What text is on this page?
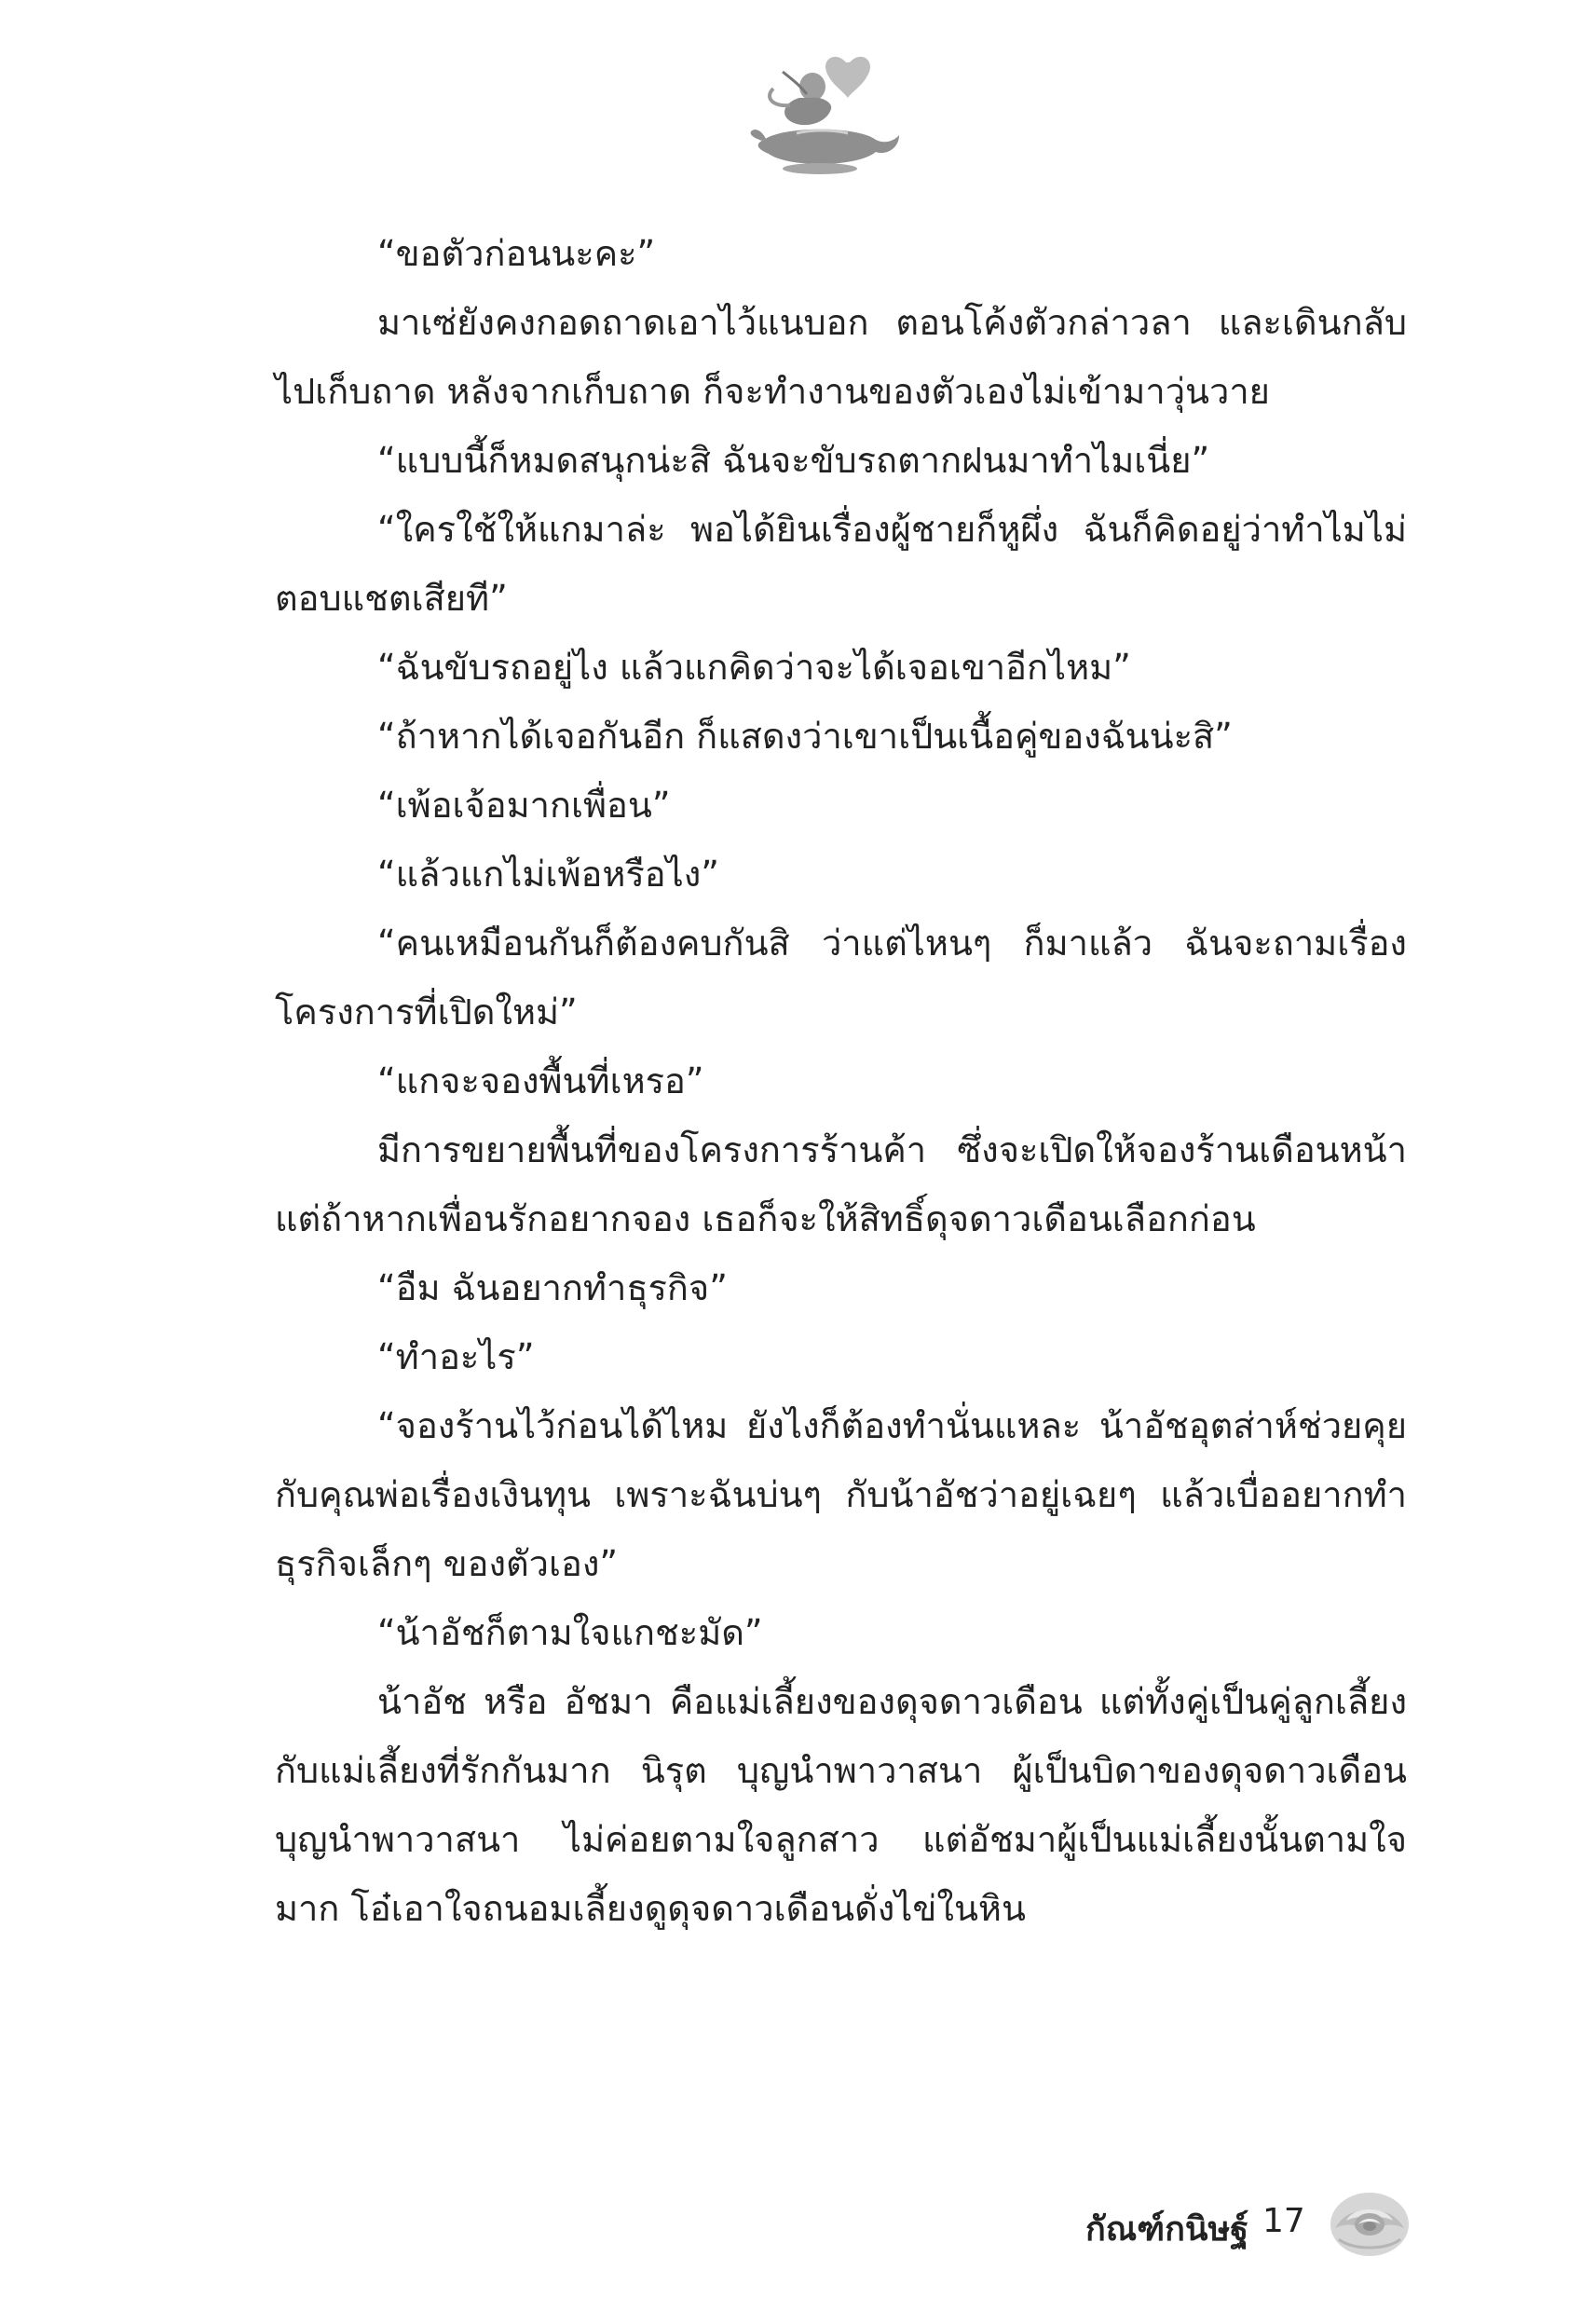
“ขอตัวก่อนนะคะ”

มาเซ่ยังคงกอดถาดเอาไว้แนบอก ตอนโค้งตัวกล่าวลา และเดินกลับไปเก็บถาด หลังจากเก็บถาด ก็จะทำงานของตัวเองไม่เข้ามาวุ่นวาย

“แบบนี้ก็หมดสนุกน่ะสิ ฉันจะขับรถตากฝนมาทำไมเนี่ย”

“ใครใช้ให้แกมาล่ะ พอได้ยินเรื่องผู้ชายก็หูผึ่ง ฉันก็คิดอยู่ว่าทำไมไม่ตอบแชตเสียที”

“ฉันขับรถอยู่ไง แล้วแกคิดว่าจะได้เจอเขาอีกไหม”

“ถ้าหากได้เจอกันอีก ก็แสดงว่าเขาเป็นเนื้อคู่ของฉันน่ะสิ”

“เพ้อเจ้อมากเพื่อน”

“แล้วแกไม่เพ้อหรือไง”

“คนเหมือนกันก็ต้องคบกันสิ ว่าแต่ไหนๆ ก็มาแล้ว ฉันจะถามเรื่องโครงการที่เปิดใหม่”

“แกจะจองพื้นที่เหรอ”

มีการขยายพื้นที่ของโครงการร้านค้า ซึ่งจะเปิดให้จองร้านเดือนหน้า แต่ถ้าหากเพื่อนรักอยากจอง เธอก็จะให้สิทธิ์ดุจดาวเดือนเลือกก่อน

“อืม ฉันอยากทำธุรกิจ”

“ทำอะไร”

“จองร้านไว้ก่อนได้ไหม ยังไงก็ต้องทำนั่นแหละ น้าอัชอุตส่าห์ช่วยคุยกับคุณพ่อเรื่องเงินทุน เพราะฉันบ่นๆ กับน้าอัชว่าอยู่เฉยๆ แล้วเบื่ออยากทำธุรกิจเล็กๆ ของตัวเอง”

“น้าอัชก็ตามใจแกชะมัด”

น้าอัช หรือ อัชมา คือแม่เลี้ยงของดุจดาวเดือน แต่ทั้งคู่เป็นคู่ลูกเลี้ยงกับแม่เลี้ยงที่รักกันมาก นิรุต บุญนำพาวาสนา ผู้เป็นบิดาของดุจดาวเดือน บุญนำพาวาสนา ไม่ค่อยตามใจลูกสาว แต่อัชมาผู้เป็นแม่เลี้ยงนั้นตามใจมาก โอ๋เอาใจถนอมเลี้ยงดูดุจดาวเดือนดั่งไข่ในหิน

กัณฑ์กนิษฐ์ 17
